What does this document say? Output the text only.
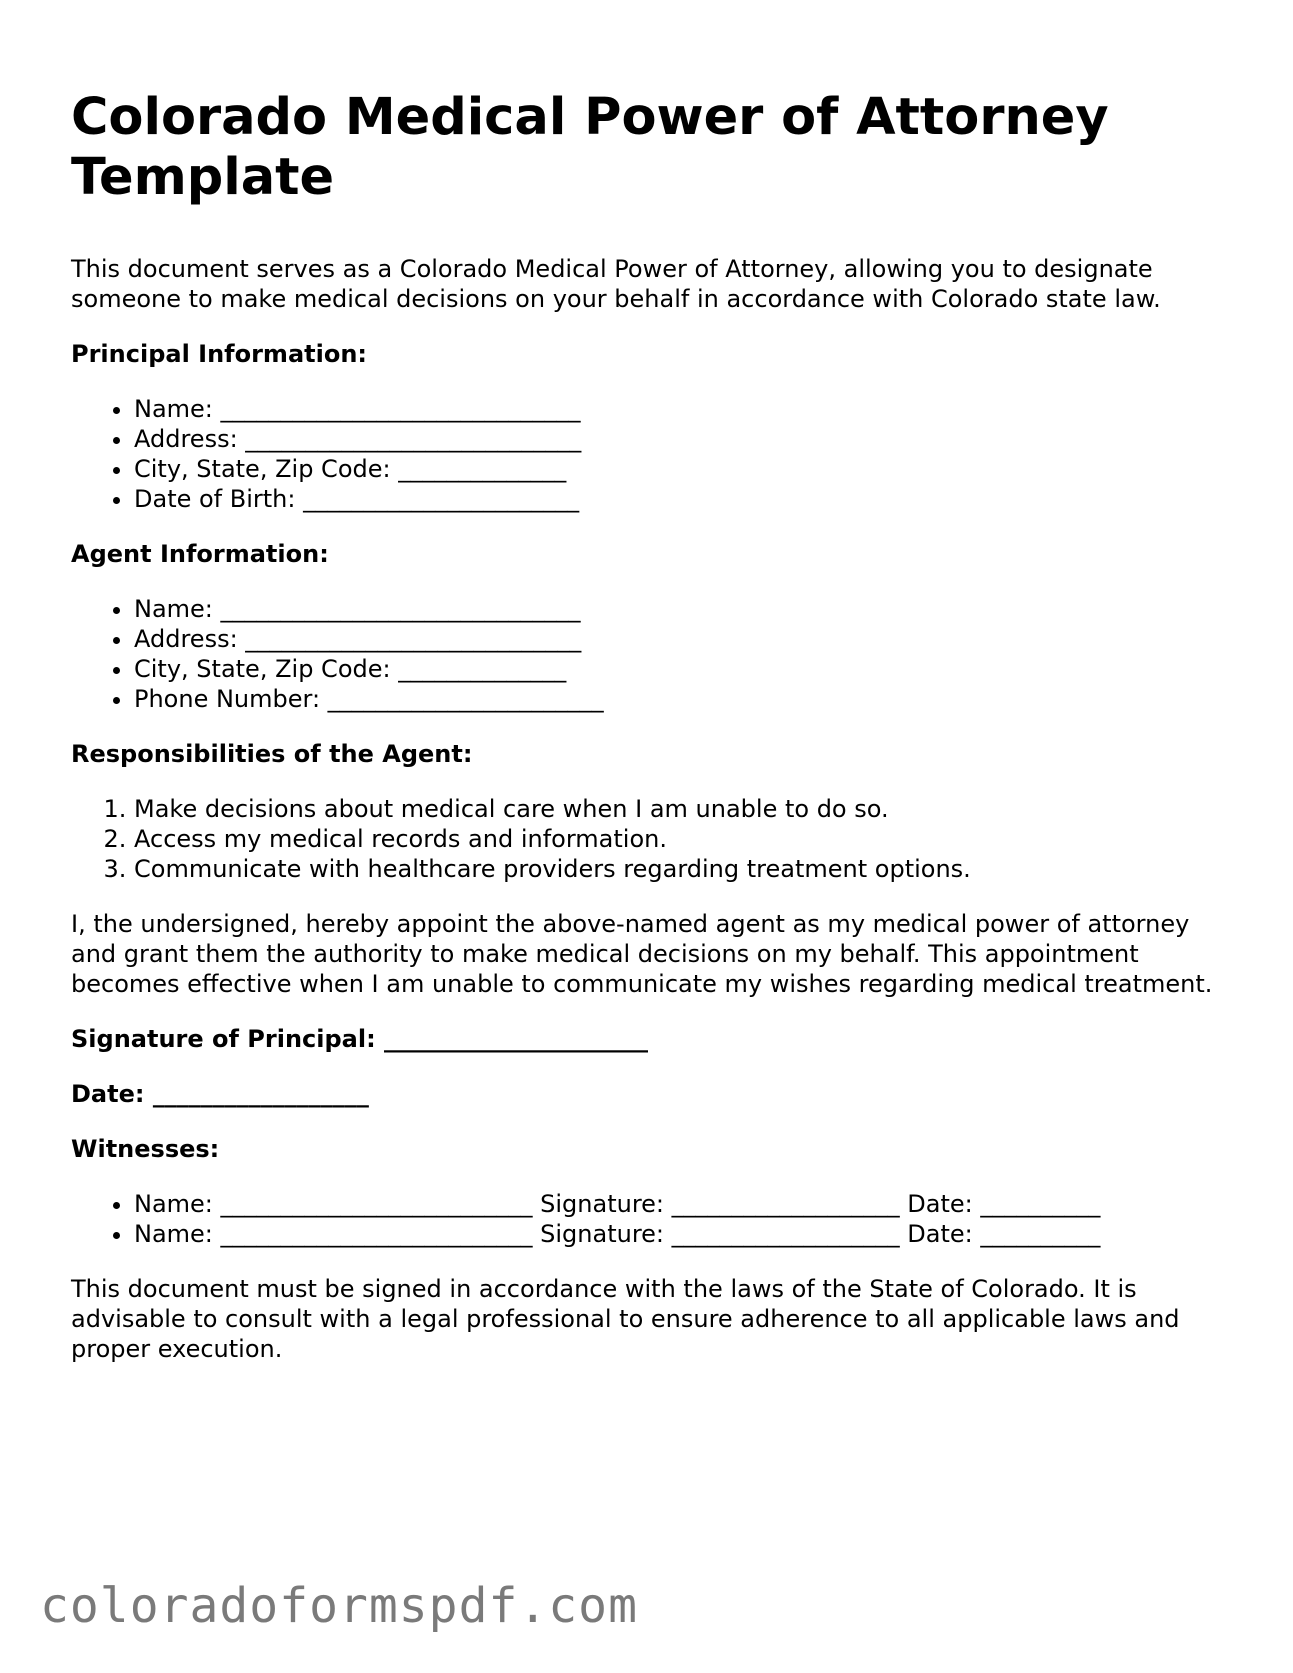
Colorado Medical Power of Attorney Template

This document serves as a Colorado Medical Power of Attorney, allowing you to designate someone to make medical decisions on your behalf in accordance with Colorado state law.

Principal Information:

• Name: ______________________________
• Address: ____________________________
• City, State, Zip Code: ______________
• Date of Birth: _______________________

Agent Information:

• Name: ______________________________
• Address: ____________________________
• City, State, Zip Code: ______________
• Phone Number: _______________________

Responsibilities of the Agent:

1. Make decisions about medical care when I am unable to do so.
2. Access my medical records and information.
3. Communicate with healthcare providers regarding treatment options.

I, the undersigned, hereby appoint the above-named agent as my medical power of attorney and grant them the authority to make medical decisions on my behalf. This appointment becomes effective when I am unable to communicate my wishes regarding medical treatment.

Signature of Principal: ______________________

Date: __________________

Witnesses:

• Name: __________________________ Signature: ___________________ Date: __________
• Name: __________________________ Signature: ___________________ Date: __________

This document must be signed in accordance with the laws of the State of Colorado. It is advisable to consult with a legal professional to ensure adherence to all applicable laws and proper execution.

coloradoformspdf.com
